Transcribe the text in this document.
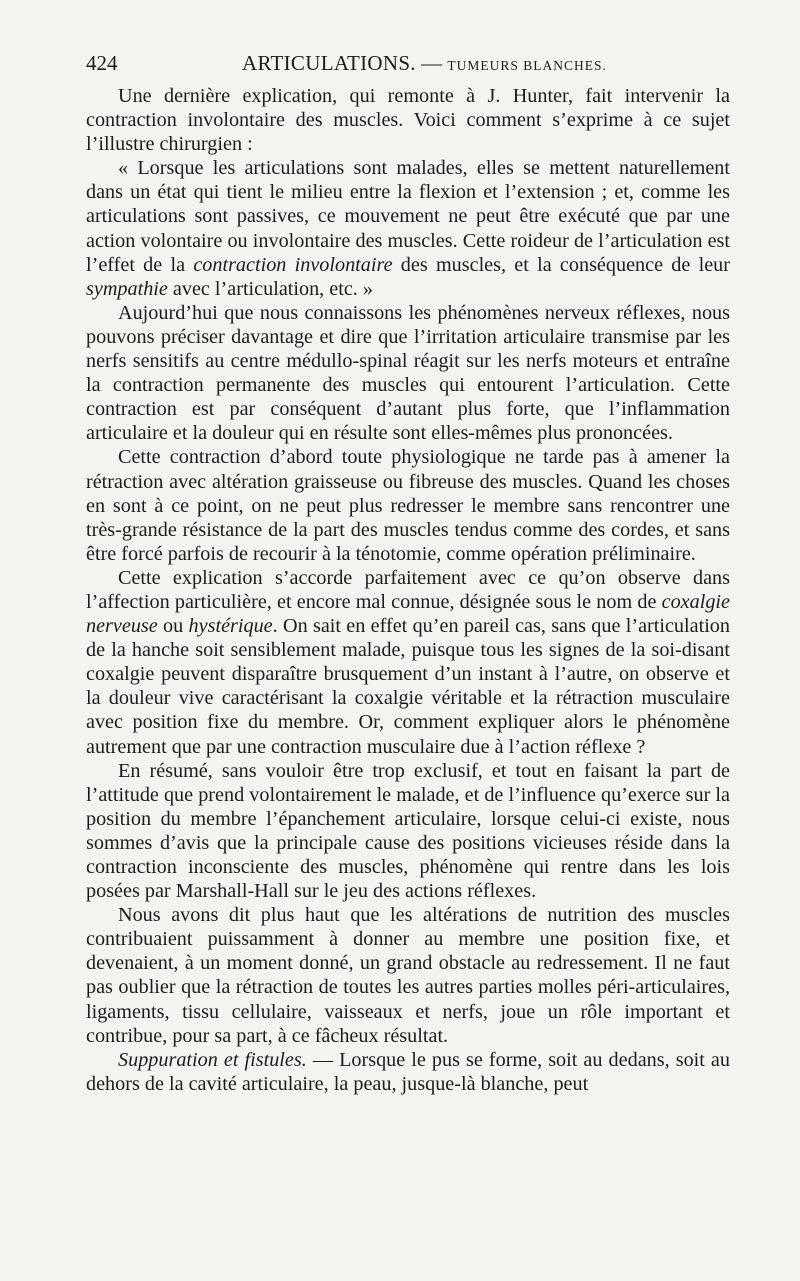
424	ARTICULATIONS. — TUMEURS BLANCHES.

Une dernière explication, qui remonte à J. Hunter, fait intervenir la contraction involontaire des muscles. Voici comment s’exprime à ce sujet l’illustre chirurgien :

« Lorsque les articulations sont malades, elles se mettent naturellement dans un état qui tient le milieu entre la flexion et l’extension ; et, comme les articulations sont passives, ce mouvement ne peut être exécuté que par une action volontaire ou involontaire des muscles. Cette roideur de l’articulation est l’effet de la contraction involontaire des muscles, et la conséquence de leur sympathie avec l’articulation, etc. »

Aujourd’hui que nous connaissons les phénomènes nerveux réflexes, nous pouvons préciser davantage et dire que l’irritation articulaire transmise par les nerfs sensitifs au centre médullo-spinal réagit sur les nerfs moteurs et entraîne la contraction permanente des muscles qui entourent l’articulation. Cette contraction est par conséquent d’autant plus forte, que l’inflammation articulaire et la douleur qui en résulte sont elles-mêmes plus prononcées.

Cette contraction d’abord toute physiologique ne tarde pas à amener la rétraction avec altération graisseuse ou fibreuse des muscles. Quand les choses en sont à ce point, on ne peut plus redresser le membre sans rencontrer une très-grande résistance de la part des muscles tendus comme des cordes, et sans être forcé parfois de recourir à la ténotomie, comme opération préliminaire.

Cette explication s’accorde parfaitement avec ce qu’on observe dans l’affection particulière, et encore mal connue, désignée sous le nom de coxalgie nerveuse ou hystérique. On sait en effet qu’en pareil cas, sans que l’articulation de la hanche soit sensiblement malade, puisque tous les signes de la soi-disant coxalgie peuvent disparaître brusquement d’un instant à l’autre, on observe et la douleur vive caractérisant la coxalgie véritable et la rétraction musculaire avec position fixe du membre. Or, comment expliquer alors le phénomène autrement que par une contraction musculaire due à l’action réflexe ?

En résumé, sans vouloir être trop exclusif, et tout en faisant la part de l’attitude que prend volontairement le malade, et de l’influence qu’exerce sur la position du membre l’épanchement articulaire, lorsque celui-ci existe, nous sommes d’avis que la principale cause des positions vicieuses réside dans la contraction inconsciente des muscles, phénomène qui rentre dans les lois posées par Marshall-Hall sur le jeu des actions réflexes.

Nous avons dit plus haut que les altérations de nutrition des muscles contribuaient puissamment à donner au membre une position fixe, et devenaient, à un moment donné, un grand obstacle au redressement. Il ne faut pas oublier que la rétraction de toutes les autres parties molles péri-articulaires, ligaments, tissu cellulaire, vaisseaux et nerfs, joue un rôle important et contribue, pour sa part, à ce fâcheux résultat.

Suppuration et fistules. — Lorsque le pus se forme, soit au dedans, soit au dehors de la cavité articulaire, la peau, jusque-là blanche, peut
